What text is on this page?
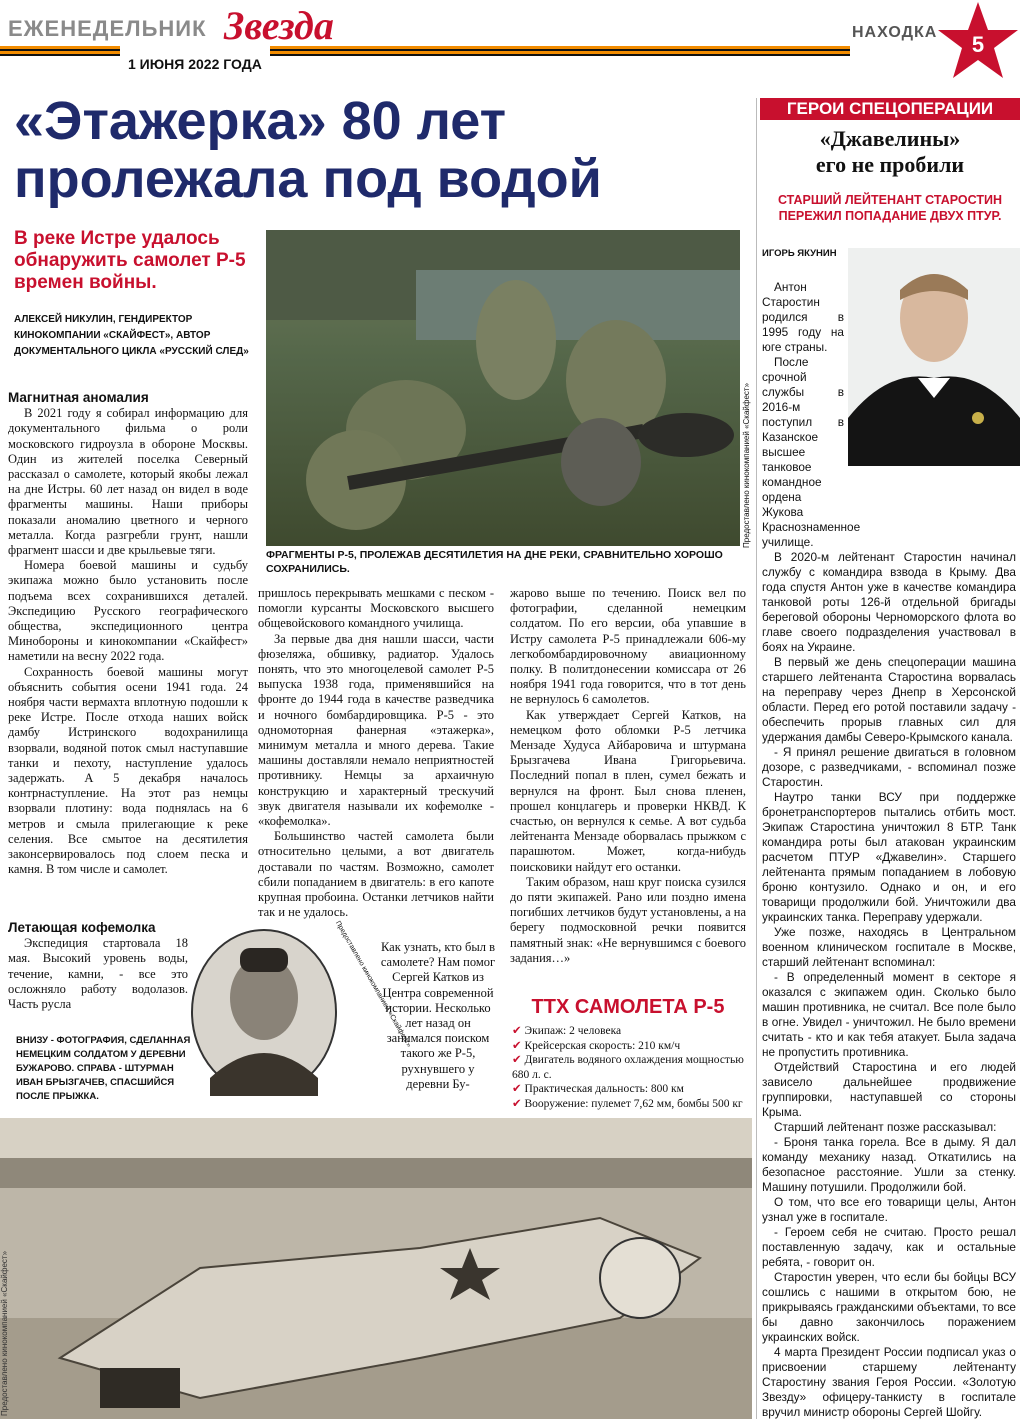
ЕЖЕНЕДЕЛЬНИК Звезда
1 ИЮНЯ 2022 ГОДА
НАХОДКА 5
«Этажерка» 80 лет
пролежала под водой
В реке Истре удалось обнаружить самолет Р-5 времен войны.
АЛЕКСЕЙ НИКУЛИН, ГЕНДИРЕКТОР КИНОКОМПАНИИ «СКАЙФЕСТ», АВТОР ДОКУМЕНТАЛЬНОГО ЦИКЛА «РУССКИЙ СЛЕД»
Предоставлено кинокомпанией «Скайфест»
ФРАГМЕНТЫ Р-5, ПРОЛЕЖАВ ДЕСЯТИЛЕТИЯ НА ДНЕ РЕКИ, СРАВНИТЕЛЬНО ХОРОШО СОХРАНИЛИСЬ.
Магнитная аномалия

В 2021 году я собирал информацию для документального фильма о роли московского гидроузла в обороне Москвы. Один из жителей поселка Северный рассказал о самолете, который якобы лежал на дне Истры. 60 лет назад он видел в воде фрагменты машины. Наши приборы показали аномалию цветного и черного металла. Когда разгребли грунт, нашли фрагмент шасси и две крыльевые тяги.

Номера боевой машины и судьбу экипажа можно было установить после подъема всех сохранившихся деталей. Экспедицию Русского географического общества, экспедиционного центра Минобороны и кинокомпании «Скайфест» наметили на весну 2022 года.

Сохранность боевой машины могут объяснить события осени 1941 года. 24 ноября части вермахта вплотную подошли к реке Истре. После отхода наших войск дамбу Истринского водохранилища взорвали, водяной поток смыл наступавшие танки и пехоту, наступление удалось задержать. А 5 декабря началось контрнаступление. На этот раз немцы взорвали плотину: вода поднялась на 6 метров и смыла прилегающие к реке селения. Все смытое на десятилетия законсервировалось под слоем песка и камня. В том числе и самолет.

Летающая кофемолка

Экспедиция стартовала 18 мая. Высокий уровень воды, течение, камни, - все это осложняло работу водолазов. Часть русла

ВНИЗУ - ФОТОГРАФИЯ, СДЕЛАННАЯ НЕМЕЦКИМ СОЛДАТОМ У ДЕРЕВНИ БУЖАРОВО. СПРАВА - ШТУРМАН ИВАН БРЫЗГАЧЕВ, СПАСШИЙСЯ ПОСЛЕ ПРЫЖКА.

пришлось перекрывать мешками с песком - помогли курсанты Московского высшего общевойскового командного училища.

За первые два дня нашли шасси, части фюзеляжа, обшивку, радиатор. Удалось понять, что это многоцелевой самолет Р-5 выпуска 1938 года, применявшийся на фронте до 1944 года в качестве разведчика и ночного бомбардировщика. Р-5 - это одномоторная фанерная «этажерка», минимум металла и много дерева. Такие машины доставляли немало неприятностей противнику. Немцы за архаичную конструкцию и характерный трескучий звук двигателя называли их кофемолке - «кофемолка».

Большинство частей самолета были относительно целыми, а вот двигатель доставали по частям. Возможно, самолет сбили попаданием в двигатель: в его капоте крупная пробоина. Останки летчиков найти так и не удалось.

Предоставлено кинокомпанией «Скайфест»

жарово выше по течению. Поиск вел по фотографии, сделанной немецким солдатом. По его версии, оба упавшие в Истру самолета Р-5 принадлежали 606-му легкобомбардировочному авиационному полку. В политдонесении комиссара от 26 ноября 1941 года говорится, что в тот день не вернулось 6 самолетов.

Как утверждает Сергей Катков, на немецком фото обломки Р-5 летчика Мензаде Худуса Айбаровича и штурмана Брызгачева Ивана Григорьевича. Последний попал в плен, сумел бежать и вернулся на фронт. Был снова пленен, прошел концлагерь и проверки НКВД. К счастью, он вернулся к семье. А вот судьба лейтенанта Мензаде оборвалась прыжком с парашютом. Может, когда-нибудь поисковики найдут его останки.

Таким образом, наш круг поиска сузился до пяти экипажей. Рано или поздно имена погибших летчиков будут установлены, а на берегу подмосковной речки появится памятный знак: «Не вернувшимся с боевого задания…»

Как узнать, кто был в самолете? Нам помог Сергей Катков из Центра современной истории. Несколько лет назад он занимался поиском такого же Р-5, рухнувшего у деревни Бу-

ТТХ САМОЛЕТА Р-5
✔ Экипаж: 2 человека
✔ Крейсерская скорость: 210 км/ч
✔ Двигатель водяного охлаждения мощностью 680 л. с.
✔ Практическая дальность: 800 км
✔ Вооружение: пулемет 7,62 мм, бомбы 500 кг
Предоставлено кинокомпанией «Скайфест»
ГЕРОИ СПЕЦОПЕРАЦИИ
«Джавелины»
его не пробили
СТАРШИЙ ЛЕЙТЕНАНТ СТАРОСТИН ПЕРЕЖИЛ ПОПАДАНИЕ ДВУХ ПТУР.
ИГОРЬ ЯКУНИН

Антон Старостин родился в 1995 году на юге страны.

После срочной службы в 2016-м поступил в Казанское высшее танковое командное ордена Жукова Краснознаменное училище.

В 2020-м лейтенант Старостин начинал службу с командира взвода в Крыму. Два года спустя Антон уже в качестве командира танковой роты 126-й отдельной бригады береговой обороны Черноморского флота во главе своего подразделения участвовал в боях на Украине.

В первый же день спецоперации машина старшего лейтенанта Старостина ворвалась на переправу через Днепр в Херсонской области. Перед его ротой поставили задачу - обеспечить прорыв главных сил для удержания дамбы Северо-Крымского канала.

- Я принял решение двигаться в головном дозоре, с разведчиками, - вспоминал позже Старостин.

Наутро танки ВСУ при поддержке бронетранспортеров пытались отбить мост. Экипаж Старостина уничтожил 8 БТР. Танк командира роты был атакован украинским расчетом ПТУР «Джавелин». Старшего лейтенанта прямым попаданием в лобовую броню контузило. Однако и он, и его товарищи продолжили бой. Уничтожили два украинских танка. Переправу удержали.

Уже позже, находясь в Центральном военном клиническом госпитале в Москве, старший лейтенант вспоминал:

- В определенный момент в секторе я оказался с экипажем один. Сколько было машин противника, не считал. Все поле было в огне. Увидел - уничтожил. Не было времени считать - кто и как тебя атакует. Была задача не пропустить противника.

Отдействий Старостина и его людей зависело дальнейшее продвижение группировки, наступавшей со стороны Крыма.

Старший лейтенант позже рассказывал:

- Броня танка горела. Все в дыму. Я дал команду механику назад. Откатились на безопасное расстояние. Ушли за стенку. Машину потушили. Продолжили бой.

О том, что все его товарищи целы, Антон узнал уже в госпитале.

- Героем себя не считаю. Просто решал поставленную задачу, как и остальные ребята, - говорит он.

Старостин уверен, что если бы бойцы ВСУ сошлись с нашими в открытом бою, не прикрываясь гражданскими объектами, то все бы давно закончилось поражением украинских войск.

4 марта Президент России подписал указ о присвоении старшему лейтенанту Старостину звания Героя России. «Золотую Звезду» офицеру-танкисту в госпитале вручил министр обороны Сергей Шойгу.
